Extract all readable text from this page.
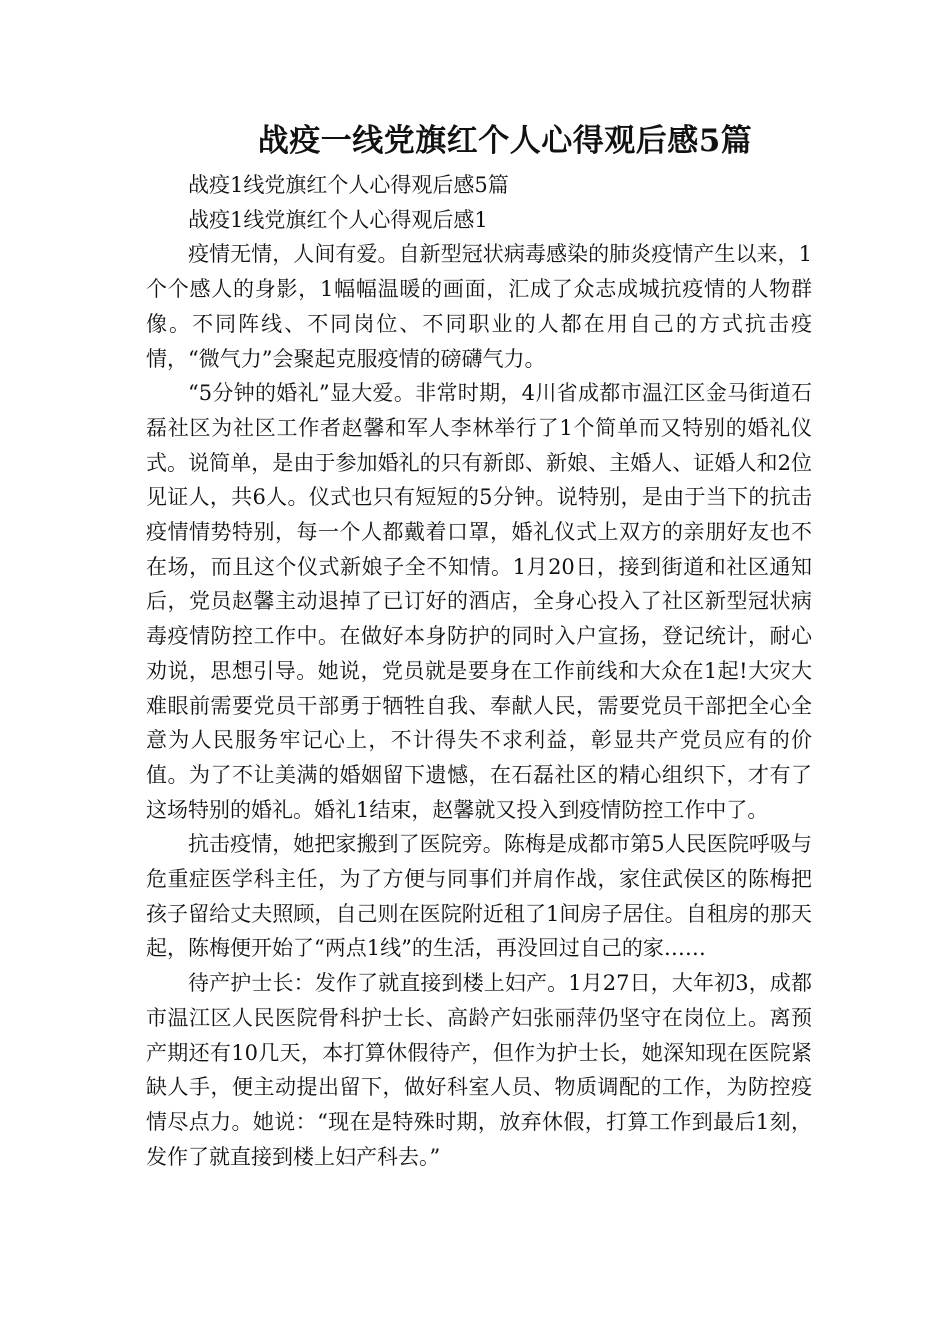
战疫一线党旗红个人心得观后感5篇

战疫1线党旗红个人心得观后感5篇

战疫1线党旗红个人心得观后感1

疫情无情，人间有爱。自新型冠状病毒感染的肺炎疫情产生以来，1个个感人的身影，1幅幅温暖的画面，汇成了众志成城抗疫情的人物群像。不同阵线、不同岗位、不同职业的人都在用自己的方式抗击疫情，“微气力”会聚起克服疫情的磅礴气力。

“5分钟的婚礼”显大爱。非常时期，4川省成都市温江区金马街道石磊社区为社区工作者赵馨和军人李林举行了1个简单而又特别的婚礼仪式。说简单，是由于参加婚礼的只有新郎、新娘、主婚人、证婚人和2位见证人，共6人。仪式也只有短短的5分钟。说特别，是由于当下的抗击疫情情势特别，每一个人都戴着口罩，婚礼仪式上双方的亲朋好友也不在场，而且这个仪式新娘子全不知情。1月20日，接到街道和社区通知后，党员赵馨主动退掉了已订好的酒店，全身心投入了社区新型冠状病毒疫情防控工作中。在做好本身防护的同时入户宣扬，登记统计，耐心劝说，思想引导。她说，党员就是要身在工作前线和大众在1起!大灾大难眼前需要党员干部勇于牺牲自我、奉献人民，需要党员干部把全心全意为人民服务牢记心上，不计得失不求利益，彰显共产党员应有的价值。为了不让美满的婚姻留下遗憾，在石磊社区的精心组织下，才有了这场特别的婚礼。婚礼1结束，赵馨就又投入到疫情防控工作中了。

抗击疫情，她把家搬到了医院旁。陈梅是成都市第5人民医院呼吸与危重症医学科主任，为了方便与同事们并肩作战，家住武侯区的陈梅把孩子留给丈夫照顾，自己则在医院附近租了1间房子居住。自租房的那天起，陈梅便开始了“两点1线”的生活，再没回过自己的家……

待产护士长：发作了就直接到楼上妇产。1月27日，大年初3，成都市温江区人民医院骨科护士长、高龄产妇张丽萍仍坚守在岗位上。离预产期还有10几天，本打算休假待产，但作为护士长，她深知现在医院紧缺人手，便主动提出留下，做好科室人员、物质调配的工作，为防控疫情尽点力。她说：“现在是特殊时期，放弃休假，打算工作到最后1刻，发作了就直接到楼上妇产科去。”
